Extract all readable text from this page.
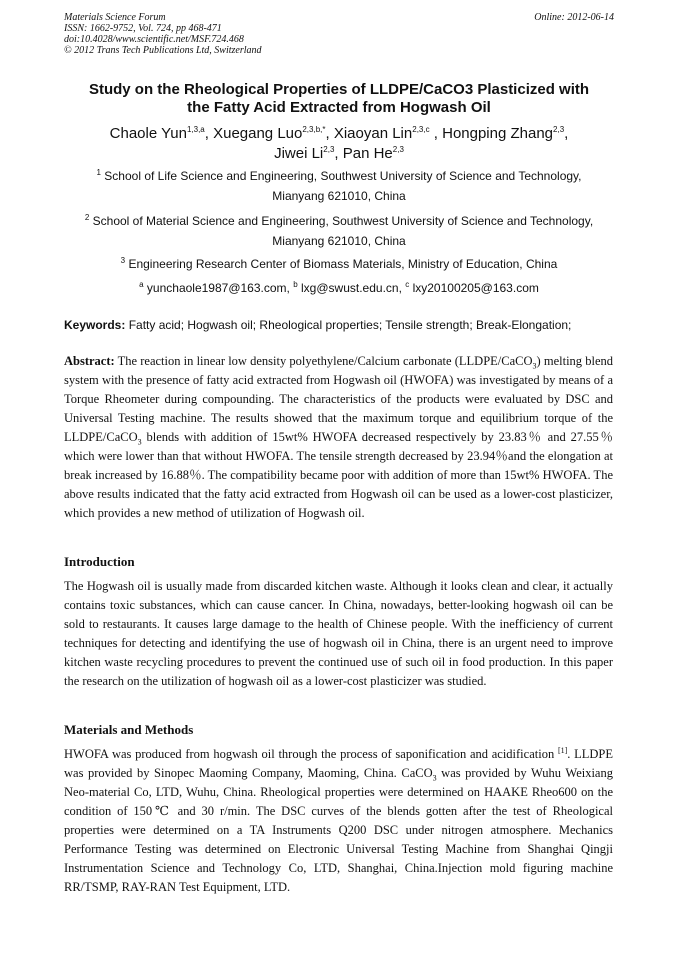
Materials Science Forum
ISSN: 1662-9752, Vol. 724, pp 468-471
doi:10.4028/www.scientific.net/MSF.724.468
© 2012 Trans Tech Publications Ltd, Switzerland
Online: 2012-06-14
Study on the Rheological Properties of LLDPE/CaCO3 Plasticized with
the Fatty Acid Extracted from Hogwash Oil
Chaole Yun$^{1,3,a}$, Xuegang Luo$^{2,3,b,*}$, Xiaoyan Lin$^{2,3,c}$ , Hongping Zhang$^{2,3}$,
Jiwei Li$^{2,3}$, Pan He$^{2,3}$
$^1$ School of Life Science and Engineering, Southwest University of Science and Technology,
Mianyang 621010, China
$^2$ School of Material Science and Engineering, Southwest University of Science and Technology,
Mianyang 621010, China
$^3$ Engineering Research Center of Biomass Materials, Ministry of Education, China
$^a$ yunchaole1987@163.com, $^b$ lxg@swust.edu.cn, $^c$ lxy20100205@163.com
Keywords: Fatty acid; Hogwash oil; Rheological properties; Tensile strength; Break-Elongation;
Abstract: The reaction in linear low density polyethylene/Calcium carbonate (LLDPE/CaCO$_3$) melting blend system with the presence of fatty acid extracted from Hogwash oil (HWOFA) was investigated by means of a Torque Rheometer during compounding. The characteristics of the products were evaluated by DSC and Universal Testing machine. The results showed that the maximum torque and equilibrium torque of the LLDPE/CaCO$_3$ blends with addition of 15wt% HWOFA decreased respectively by 23.83％ and 27.55％ which were lower than that without HWOFA. The tensile strength decreased by 23.94％and the elongation at break increased by 16.88％. The compatibility became poor with addition of more than 15wt% HWOFA. The above results indicated that the fatty acid extracted from Hogwash oil can be used as a lower-cost plasticizer, which provides a new method of utilization of Hogwash oil.
Introduction
The Hogwash oil is usually made from discarded kitchen waste. Although it looks clean and clear, it actually contains toxic substances, which can cause cancer. In China, nowadays, better-looking hogwash oil can be sold to restaurants. It causes large damage to the health of Chinese people. With the inefficiency of current techniques for detecting and identifying the use of hogwash oil in China, there is an urgent need to improve kitchen waste recycling procedures to prevent the continued use of such oil in food production. In this paper the research on the utilization of hogwash oil as a lower-cost plasticizer was studied.
Materials and Methods
HWOFA was produced from hogwash oil through the process of saponification and acidification [1]. LLDPE was provided by Sinopec Maoming Company, Maoming, China. CaCO$_3$ was provided by Wuhu Weixiang Neo-material Co, LTD, Wuhu, China. Rheological properties were determined on HAAKE Rheo600 on the condition of 150℃ and 30 r/min. The DSC curves of the blends gotten after the test of Rheological properties were determined on a TA Instruments Q200 DSC under nitrogen atmosphere. Mechanics Performance Testing was determined on Electronic Universal Testing Machine from Shanghai Qingji Instrumentation Science and Technology Co, LTD, Shanghai, China.Injection mold figuring machine RR/TSMP, RAY-RAN Test Equipment, LTD.
